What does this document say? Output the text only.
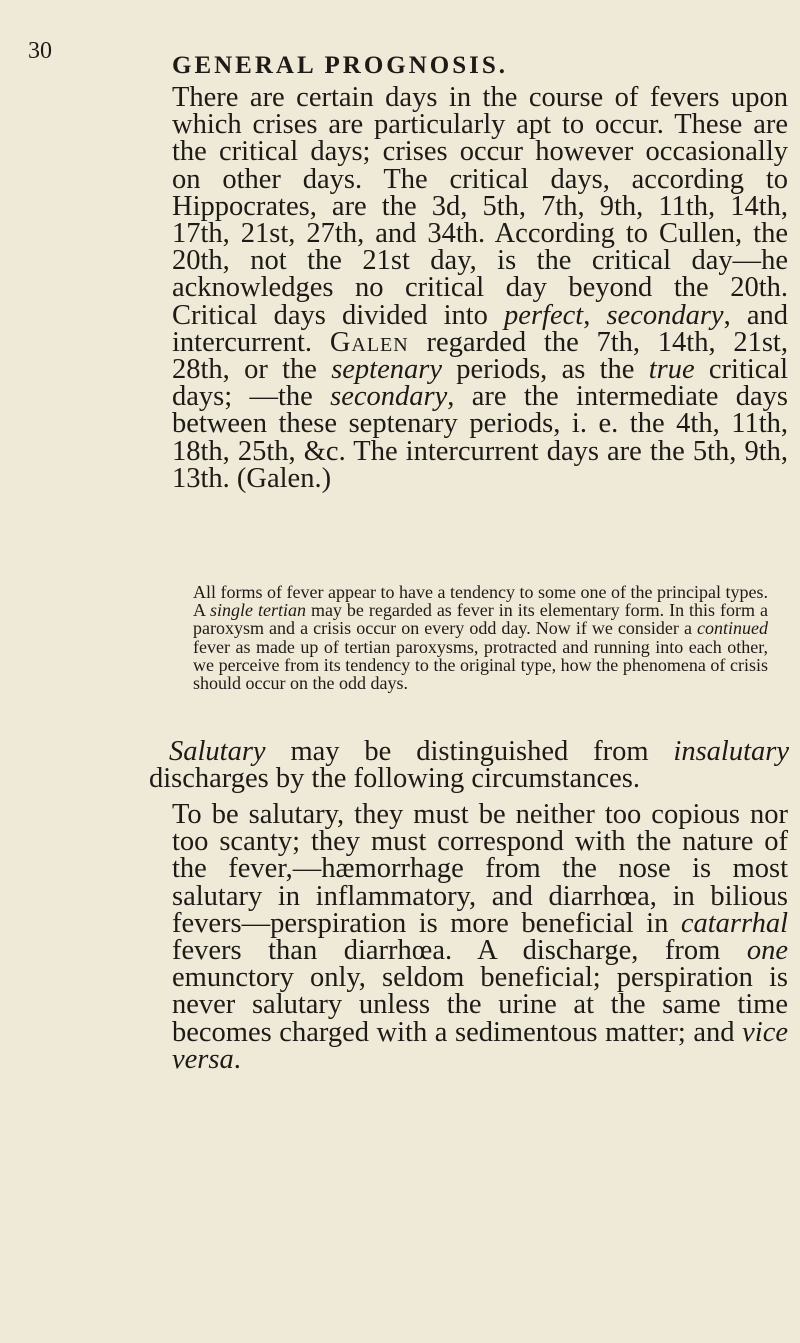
30
GENERAL PROGNOSIS.

There are certain days in the course of fevers upon which crises are particularly apt to occur. These are the critical days; crises occur however occasionally on other days. The critical days, according to Hippocrates, are the 3d, 5th, 7th, 9th, 11th, 14th, 17th, 21st, 27th, and 34th. According to Cullen, the 20th, not the 21st day, is the critical day—he acknowledges no critical day beyond the 20th. Critical days divided into perfect, secondary, and intercurrent. Galen regarded the 7th, 14th, 21st, 28th, or the septenary periods, as the true critical days; —the secondary, are the intermediate days between these septenary periods, i. e. the 4th, 11th, 18th, 25th, &c. The intercurrent days are the 5th, 9th, 13th. (Galen.)

All forms of fever appear to have a tendency to some one of the principal types. A single tertian may be regarded as fever in its elementary form. In this form a paroxysm and a crisis occur on every odd day. Now if we consider a continued fever as made up of tertian paroxysms, protracted and running into each other, we perceive from its tendency to the original type, how the phenomena of crisis should occur on the odd days.

Salutary may be distinguished from insalutary discharges by the following circumstances.

To be salutary, they must be neither too copious nor too scanty; they must correspond with the nature of the fever,—hæmorrhage from the nose is most salutary in inflammatory, and diarrhœa, in bilious fevers—perspiration is more beneficial in catarrhal fevers than diarrhœa. A discharge, from one emunctory only, seldom beneficial; perspiration is never salutary unless the urine at the same time becomes charged with a sedimentous matter; and vice versa.
